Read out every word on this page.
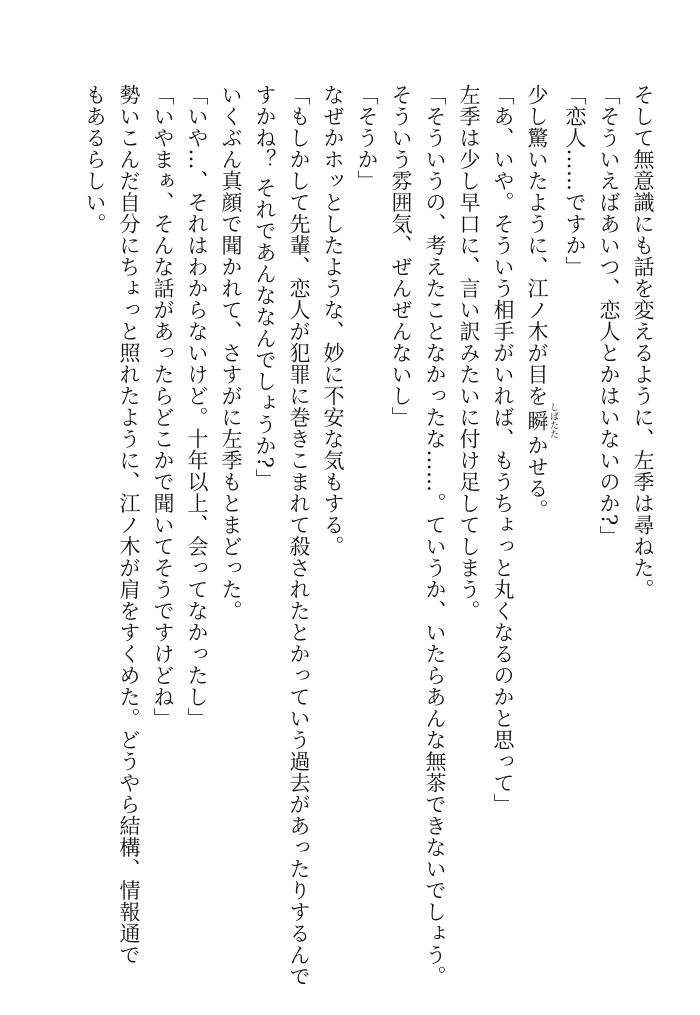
そして無意識にも話を変えるように、左季は尋ねた。
「そういえばあいつ、恋人とかはいないのか?」
「恋人……ですか」
少し驚いたように、江ノ木が目を瞬 しばたたかせる。
「あ、いや。そういう相手がいれば、もうちょっと丸くなるのかと思って」
左季は少し早口に、言い訳みたいに付け足してしまう。
「そういうの、考えたことなかったな……。ていうか、いたらあんな無茶できないでしょう。
そういう雰囲気、ぜんぜんないし」
「そうか」
なぜかホッとしたような、妙に不安な気もする。
「もしかして先輩、恋人が犯罪に巻きこまれて殺されたとかっていう過去があったりするんで
すかね？ それであんななんでしょうか?」
いくぶん真顔で聞かれて、さすがに左季もとまどった。
「いや…、それはわからないけど。十年以上、会ってなかったし」
「いやまぁ、そんな話があったらどこかで聞いてそうですけどね」
勢いこんだ自分にちょっと照れたように、江ノ木が肩をすくめた。どうやら結構、情報通で
もあるらしい。
